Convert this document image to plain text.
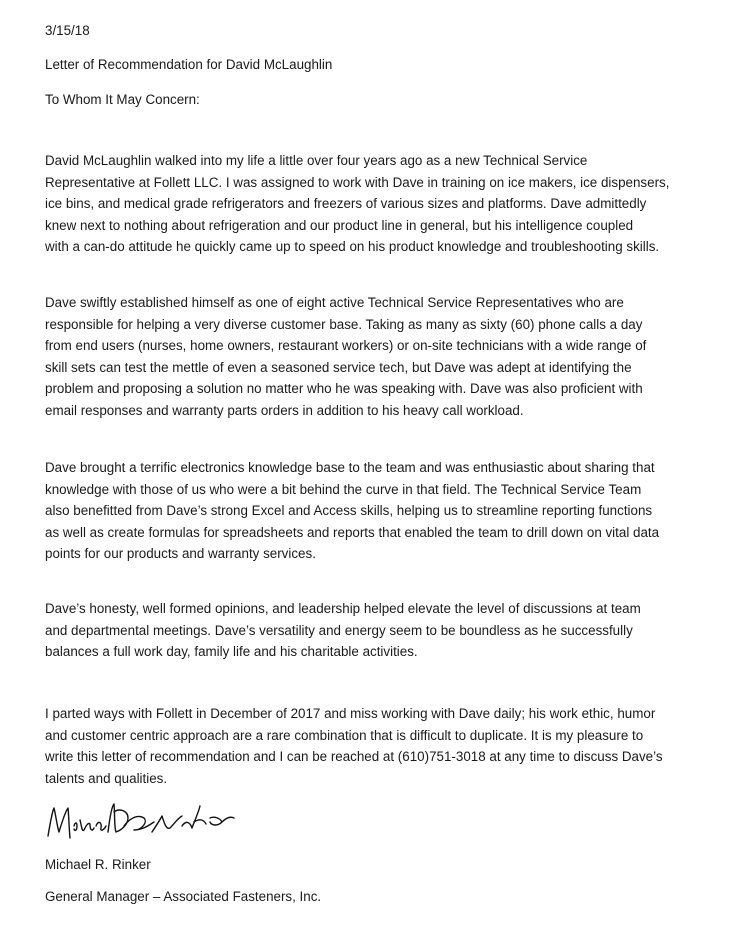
3/15/18
Letter of Recommendation for David McLaughlin
To Whom It May Concern:
David McLaughlin walked into my life a little over four years ago as a new Technical Service
Representative at Follett LLC. I was assigned to work with Dave in training on ice makers, ice dispensers,
ice bins, and medical grade refrigerators and freezers of various sizes and platforms. Dave admittedly
knew next to nothing about refrigeration and our product line in general, but his intelligence coupled
with a can-do attitude he quickly came up to speed on his product knowledge and troubleshooting skills.
Dave swiftly established himself as one of eight active Technical Service Representatives who are
responsible for helping a very diverse customer base. Taking as many as sixty (60) phone calls a day
from end users (nurses, home owners, restaurant workers) or on-site technicians with a wide range of
skill sets can test the mettle of even a seasoned service tech, but Dave was adept at identifying the
problem and proposing a solution no matter who he was speaking with. Dave was also proficient with
email responses and warranty parts orders in addition to his heavy call workload.
Dave brought a terrific electronics knowledge base to the team and was enthusiastic about sharing that
knowledge with those of us who were a bit behind the curve in that field. The Technical Service Team
also benefitted from Dave’s strong Excel and Access skills, helping us to streamline reporting functions
as well as create formulas for spreadsheets and reports that enabled the team to drill down on vital data
points for our products and warranty services.
Dave’s honesty, well formed opinions, and leadership helped elevate the level of discussions at team
and departmental meetings. Dave’s versatility and energy seem to be boundless as he successfully
balances a full work day, family life and his charitable activities.
I parted ways with Follett in December of 2017 and miss working with Dave daily; his work ethic, humor
and customer centric approach are a rare combination that is difficult to duplicate. It is my pleasure to
write this letter of recommendation and I can be reached at (610)751-3018 at any time to discuss Dave’s
talents and qualities.
Michael R. Rinker
General Manager – Associated Fasteners, Inc.
